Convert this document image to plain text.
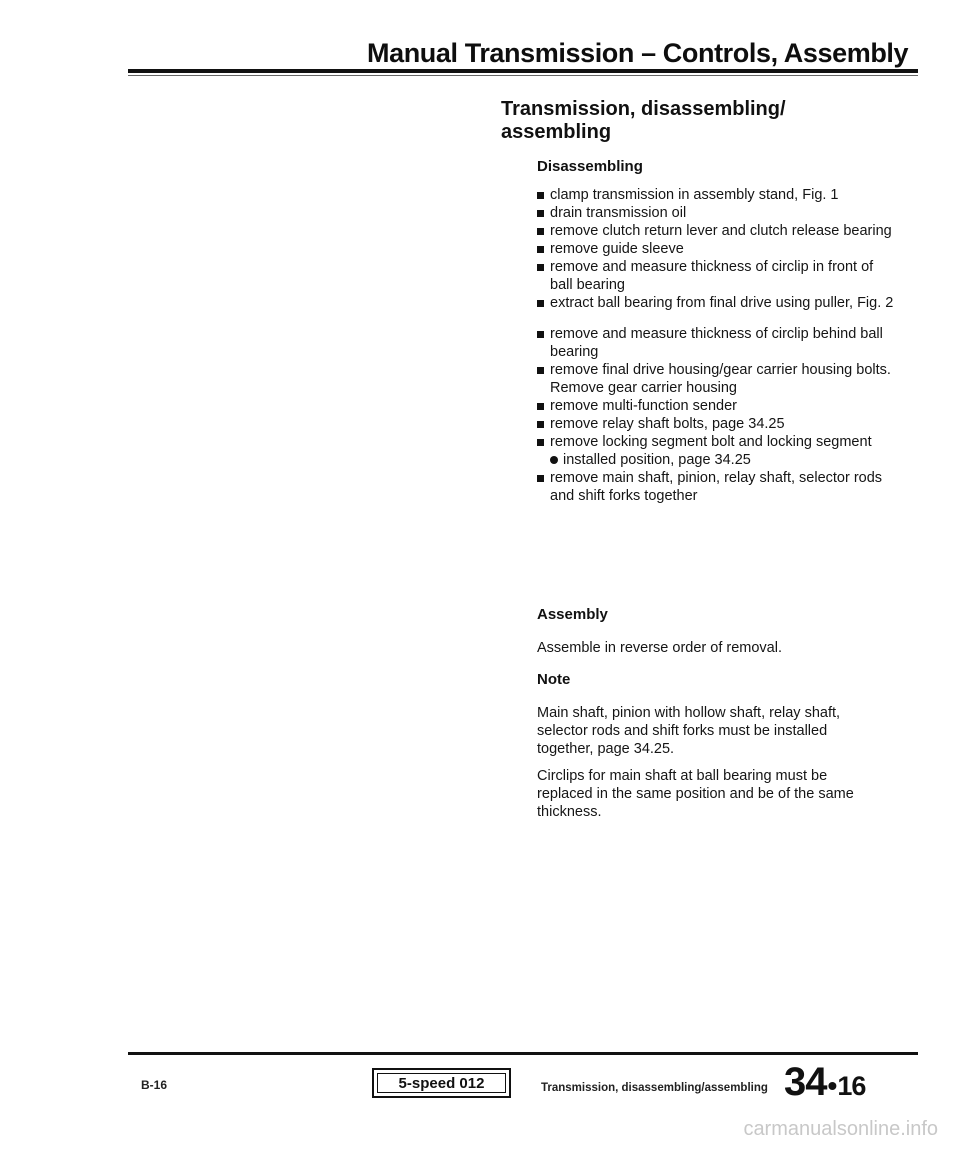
Manual Transmission – Controls, Assembly
Transmission, disassembling/ assembling
Disassembling
clamp transmission in assembly stand, Fig. 1
drain transmission oil
remove clutch return lever and clutch release bearing
remove guide sleeve
remove and measure thickness of circlip in front of ball bearing
extract ball bearing from final drive using puller, Fig. 2
remove and measure thickness of circlip behind ball bearing
remove final drive housing/gear carrier housing bolts. Remove gear carrier housing
remove multi-function sender
remove relay shaft bolts, page 34.25
remove locking segment bolt and locking segment
installed position, page 34.25
remove main shaft, pinion, relay shaft, selector rods and shift forks together
Assembly

Assemble in reverse order of removal.

Note

Main shaft, pinion with hollow shaft, relay shaft, selector rods and shift forks must be installed together, page 34.25.

Circlips for main shaft at ball bearing must be replaced in the same position and be of the same thickness.

B-16	5-speed 012	Transmission, disassembling/assembling 34 • 16
carmanualsonline.info
